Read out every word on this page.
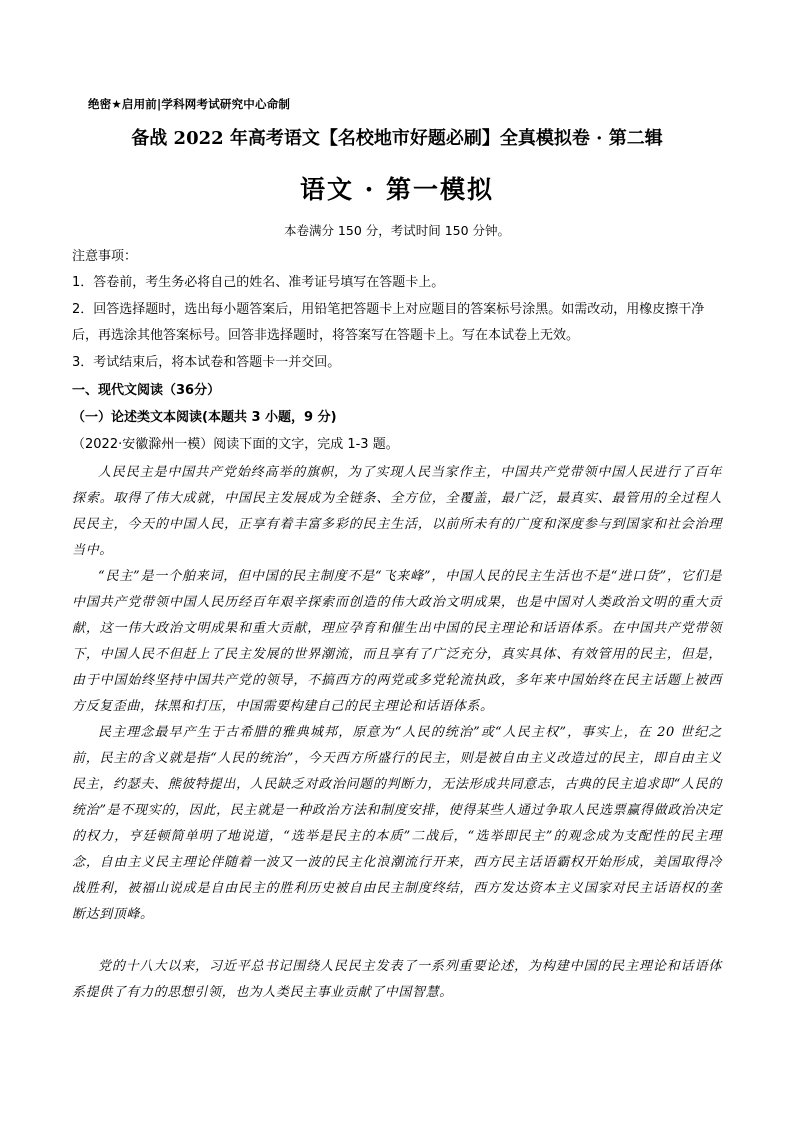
绝密★启用前|学科网考试研究中心命制
备战 2022 年高考语文【名校地市好题必刷】全真模拟卷 · 第二辑
语文 · 第一模拟
本卷满分 150 分，考试时间 150 分钟。
注意事项：
1．答卷前，考生务必将自己的姓名、准考证号填写在答题卡上。
2．回答选择题时，选出每小题答案后，用铅笔把答题卡上对应题目的答案标号涂黑。如需改动，用橡皮擦干净后，再选涂其他答案标号。回答非选择题时，将答案写在答题卡上。写在本试卷上无效。
3．考试结束后，将本试卷和答题卡一并交回。
一、现代文阅读（36分）
（一）论述类文本阅读(本题共 3 小题，9 分)
（2022·安徽滁州一模）阅读下面的文字，完成 1-3 题。
人民民主是中国共产党始终高举的旗帜，为了实现人民当家作主，中国共产党带领中国人民进行了百年探索。取得了伟大成就，中国民主发展成为全链条、全方位，全覆盖，最广泛，最真实、最管用的全过程人民民主，今天的中国人民，正享有着丰富多彩的民主生活，以前所未有的广度和深度参与到国家和社会治理当中。
“民主”是一个舶来词，但中国的民主制度不是“飞来峰”，中国人民的民主生活也不是“进口货”，它们是中国共产党带领中国人民历经百年艰辛探索而创造的伟大政治文明成果，也是中国对人类政治文明的重大贡献，这一伟大政治文明成果和重大贡献，理应孕育和催生出中国的民主理论和话语体系。在中国共产党带领下，中国人民不但赶上了民主发展的世界潮流，而且享有了广泛充分，真实具体、有效管用的民主，但是，由于中国始终坚持中国共产党的领导，不搞西方的两党或多党轮流执政，多年来中国始终在民主话题上被西方反复歪曲，抹黑和打压，中国需要构建自己的民主理论和话语体系。
民主理念最早产生于古希腊的雅典城邦，原意为“人民的统治”或“人民主权”，事实上，在 20 世纪之前，民主的含义就是指“人民的统治”，今天西方所盛行的民主，则是被自由主义改造过的民主，即自由主义民主，约瑟夫、熊彼特提出，人民缺乏对政治问题的判断力，无法形成共同意志，古典的民主追求即“人民的统治”是不现实的，因此，民主就是一种政治方法和制度安排，使得某些人通过争取人民选票赢得做政治决定的权力，亨廷顿简单明了地说道，“选举是民主的本质”二战后，“选举即民主”的观念成为支配性的民主理念，自由主义民主理论伴随着一波又一波的民主化浪潮流行开来，西方民主话语霸权开始形成，美国取得冷战胜利，被福山说成是自由民主的胜利历史被自由民主制度终结，西方发达资本主义国家对民主话语权的垄断达到顶峰。
党的十八大以来，习近平总书记围绕人民民主发表了一系列重要论述，为构建中国的民主理论和话语体系提供了有力的思想引领，也为人类民主事业贡献了中国智慧。
